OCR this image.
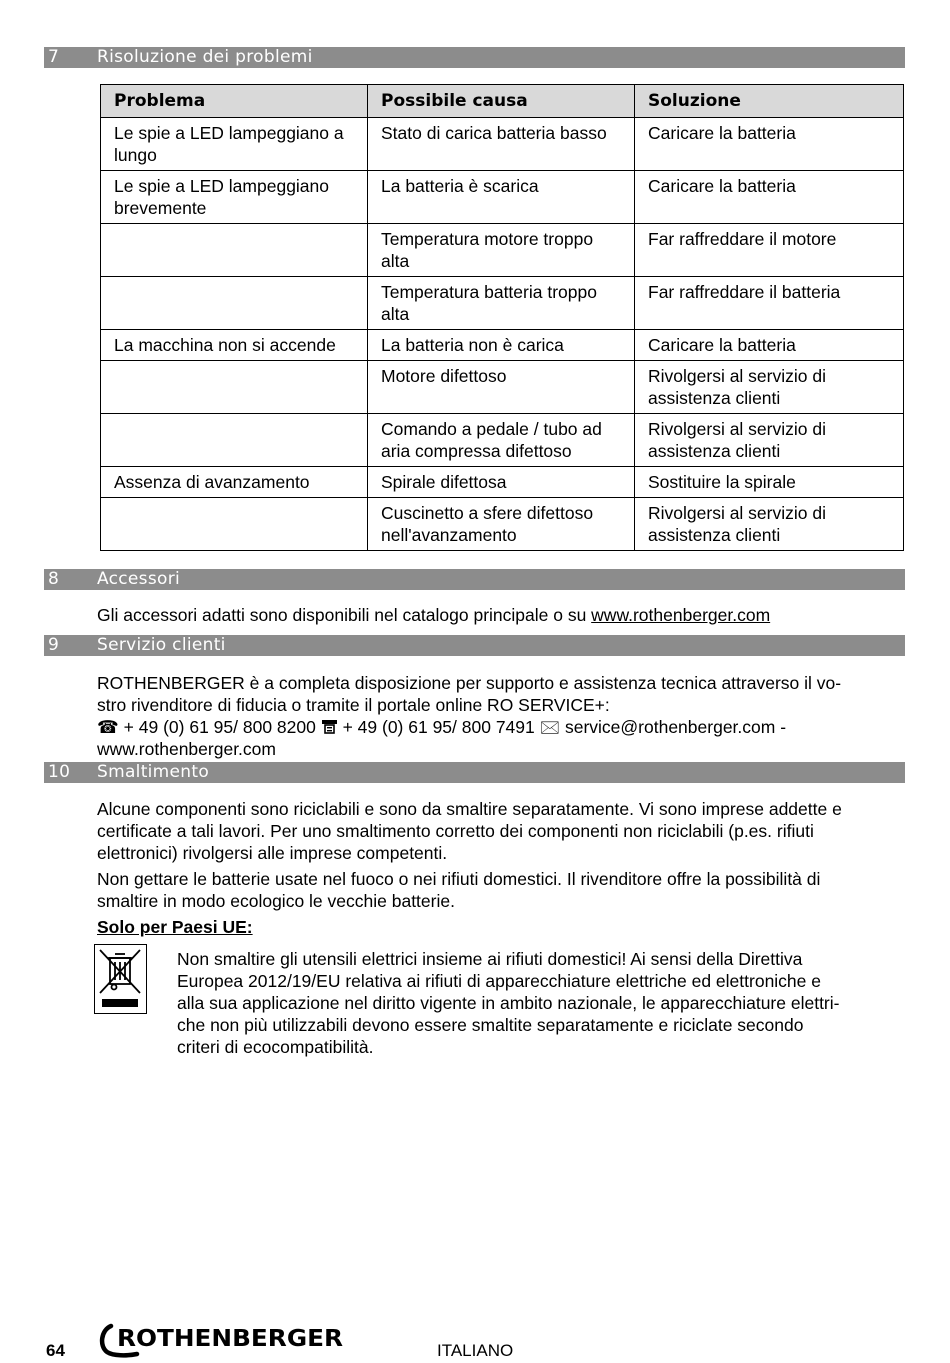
7 Risoluzione dei problemi
Problema	Possibile causa	Soluzione
Le spie a LED lampeggiano a lungo	Stato di carica batteria basso	Caricare la batteria
Le spie a LED lampeggiano brevemente	La batteria è scarica	Caricare la batteria
	Temperatura motore troppo alta	Far raffreddare il motore
	Temperatura batteria troppo alta	Far raffreddare il batteria
La macchina non si accende	La batteria non è carica	Caricare la batteria
	Motore difettoso	Rivolgersi al servizio di assistenza clienti
	Comando a pedale / tubo ad aria compressa difettoso	Rivolgersi al servizio di assistenza clienti
Assenza di avanzamento	Spirale difettosa	Sostituire la spirale
	Cuscinetto a sfere difettoso nell'avanzamento	Rivolgersi al servizio di assistenza clienti
8 Accessori
Gli accessori adatti sono disponibili nel catalogo principale o su www.rothenberger.com
9 Servizio clienti
ROTHENBERGER è a completa disposizione per supporto e assistenza tecnica attraverso il vo-
stro rivenditore di fiducia o tramite il portale online RO SERVICE+:
☎ + 49 (0) 61 95/ 800 8200  + 49 (0) 61 95/ 800 7491 🖂 service@rothenberger.com -
www.rothenberger.com
10 Smaltimento
Alcune componenti sono riciclabili e sono da smaltire separatamente. Vi sono imprese addette e
certificate a tali lavori. Per uno smaltimento corretto dei componenti non riciclabili (p.es. rifiuti
elettronici) rivolgersi alle imprese competenti.
Non gettare le batterie usate nel fuoco o nei rifiuti domestici. Il rivenditore offre la possibilità di
smaltire in modo ecologico le vecchie batterie.
Solo per Paesi UE:
Non smaltire gli utensili elettrici insieme ai rifiuti domestici! Ai sensi della Direttiva
Europea 2012/19/EU relativa ai rifiuti di apparecchiature elettriche ed elettroniche e
alla sua applicazione nel diritto vigente in ambito nazionale, le apparecchiature elettri-
che non più utilizzabili devono essere smaltite separatamente e riciclate secondo
criteri di ecocompatibilità.
64 ROTHENBERGER	ITALIANO
